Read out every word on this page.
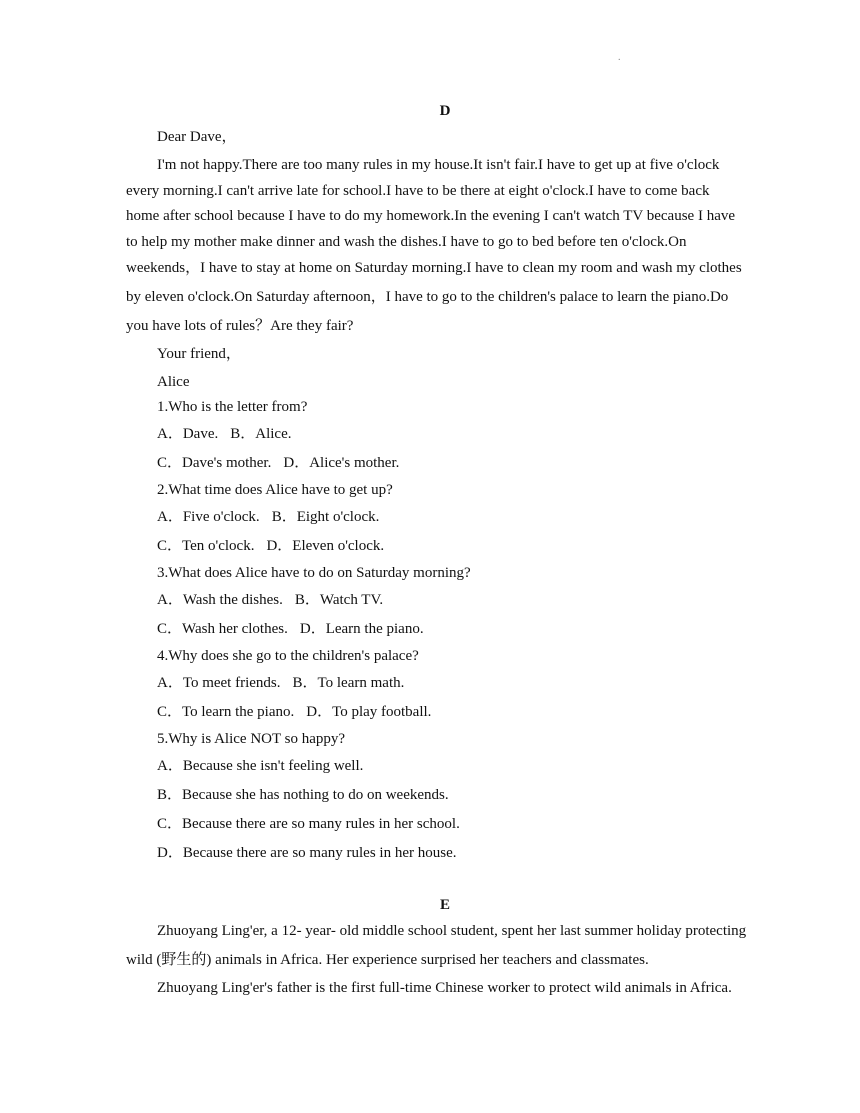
.
D
Dear Dave，
I'm not happy.There are too many rules in my house.It isn't fair.I have to get up at five o'clock
every morning.I can't arrive late for school.I have to be there at eight o'clock.I have to come back
home after school because I have to do my homework.In the evening I can't watch TV because I have
to help my mother make dinner and wash the dishes.I have to go to bed before ten o'clock.On
weekends，I have to stay at home on Saturday morning.I have to clean my room and wash my clothes
by eleven o'clock.On Saturday afternoon，I have to go to the children's palace to learn the piano.Do
you have lots of rules？Are they fair?
Your friend，
Alice
1.Who is the letter from?
A．Dave. B．Alice.
C．Dave's mother. D．Alice's mother.
2.What time does Alice have to get up?
A．Five o'clock. B．Eight o'clock.
C．Ten o'clock. D．Eleven o'clock.
3.What does Alice have to do on Saturday morning?
A．Wash the dishes. B．Watch TV.
C．Wash her clothes. D．Learn the piano.
4.Why does she go to the children's palace?
A．To meet friends. B．To learn math.
C．To learn the piano. D．To play football.
5.Why is Alice NOT so happy?
A．Because she isn't feeling well.
B．Because she has nothing to do on weekends.
C．Because there are so many rules in her school.
D．Because there are so many rules in her house.
E
Zhuoyang Ling'er, a 12- year- old middle school student, spent her last summer holiday protecting
wild (野生的) animals in Africa. Her experience surprised her teachers and classmates.
Zhuoyang Ling'er's father is the first full-time Chinese worker to protect wild animals in Africa.
